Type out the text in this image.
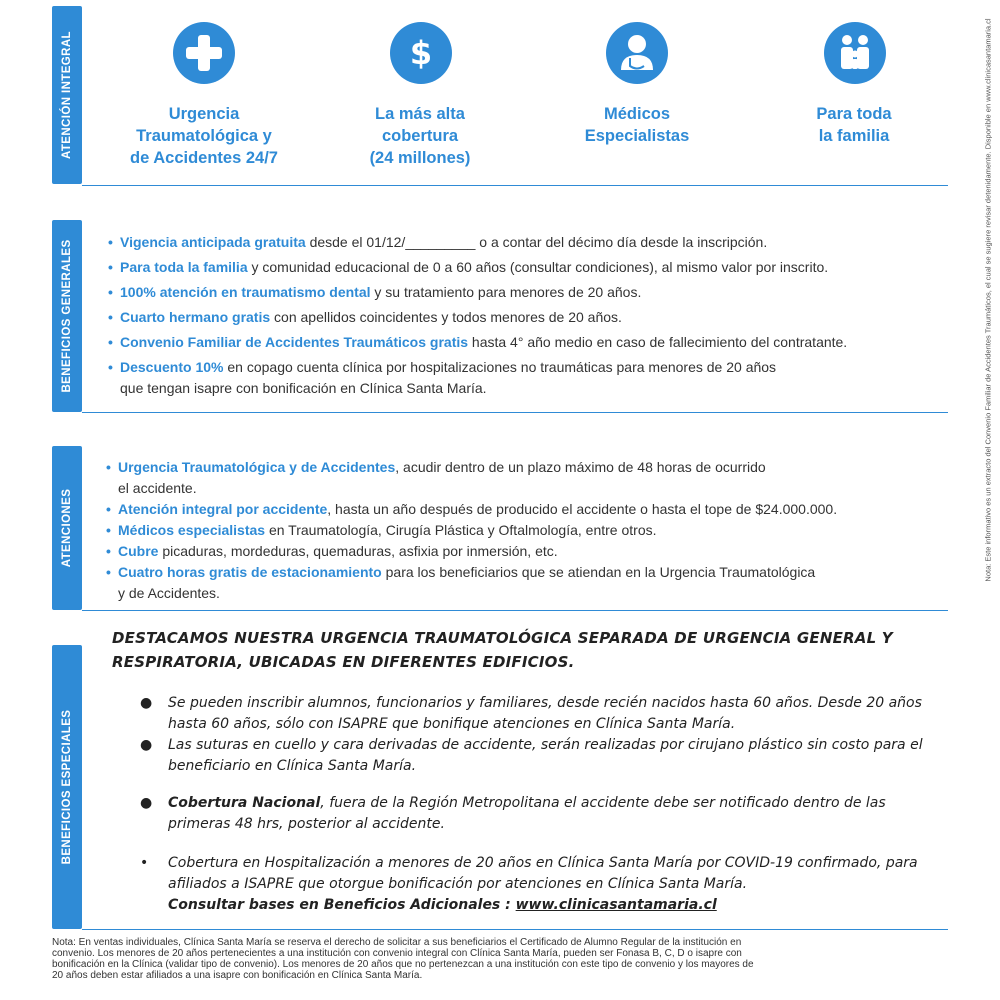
ATENCIÓN INTEGRAL	$
Urgencia
Traumatológica y
de Accidentes 24/7
La más alta
cobertura
(24 millones)
Médicos
Especialistas
Para toda
la familia
BENEFICIOS GENERALES
•	Vigencia anticipada gratuita desde el 01/12/_________ o a contar del décimo día desde la inscripción.
• Para toda la familia y comunidad educacional de 0 a 60 años (consultar condiciones), al mismo valor por inscrito.
• 100% atención en traumatismo dental y su tratamiento para menores de 20 años.
• Cuarto hermano gratis con apellidos coincidentes y todos menores de 20 años.
• Convenio Familiar de Accidentes Traumáticos gratis hasta 4° año medio en caso de fallecimiento del contratante.
• Descuento 10% en copago cuenta clínica por hospitalizaciones no traumáticas para menores de 20 años
que tengan isapre con bonificación en Clínica Santa María.
ATENCIONES
• Urgencia Traumatológica y de Accidentes, acudir dentro de un plazo máximo de 48 horas de ocurrido
el accidente.
• Atención integral por accidente, hasta un año después de producido el accidente o hasta el tope de $24.000.000.
• Médicos especialistas en Traumatología, Cirugía Plástica y Oftalmología, entre otros.
• Cubre picaduras, mordeduras, quemaduras, asfixia por inmersión, etc.
• Cuatro horas gratis de estacionamiento para los beneficiarios que se atiendan en la Urgencia Traumatológica
y de Accidentes.
BENEFICIOS ESPECIALES
DESTACAMOS NUESTRA URGENCIA TRAUMATOLÓGICA SEPARADA DE URGENCIA GENERAL Y
RESPIRATORIA, UBICADAS EN DIFERENTES EDIFICIOS.
● Se pueden inscribir alumnos, funcionarios y familiares, desde recién nacidos hasta 60 años. Desde 20 años
hasta 60 años, sólo con ISAPRE que bonifique atenciones en Clínica Santa María.
● Las suturas en cuello y cara derivadas de accidente, serán realizadas por cirujano plástico sin costo para el
beneficiario en Clínica Santa María.
● Cobertura Nacional, fuera de la Región Metropolitana el accidente debe ser notificado dentro de las
primeras 48 hrs, posterior al accidente.
• Cobertura en Hospitalización a menores de 20 años en Clínica Santa María por COVID-19 confirmado, para
afiliados a ISAPRE que otorgue bonificación por atenciones en Clínica Santa María.
Consultar bases en Beneficios Adicionales : www.clinicasantamaria.cl
Nota: En ventas individuales, Clínica Santa María se reserva el derecho de solicitar a sus beneficiarios el Certificado de Alumno Regular de la institución en
convenio. Los menores de 20 años pertenecientes a una institución con convenio integral con Clínica Santa María, pueden ser Fonasa B, C, D o isapre con
bonificación en la Clínica (validar tipo de convenio). Los menores de 20 años que no pertenezcan a una institución con este tipo de convenio y los mayores de
20 años deben estar afiliados a una isapre con bonificación en Clínica Santa María.
Nota: Este informativo es un extracto del Convenio Familiar de Accidentes Traumáticos, el cual se sugiere revisar detenidamente. Disponible en www.clinicasantamaria.cl
